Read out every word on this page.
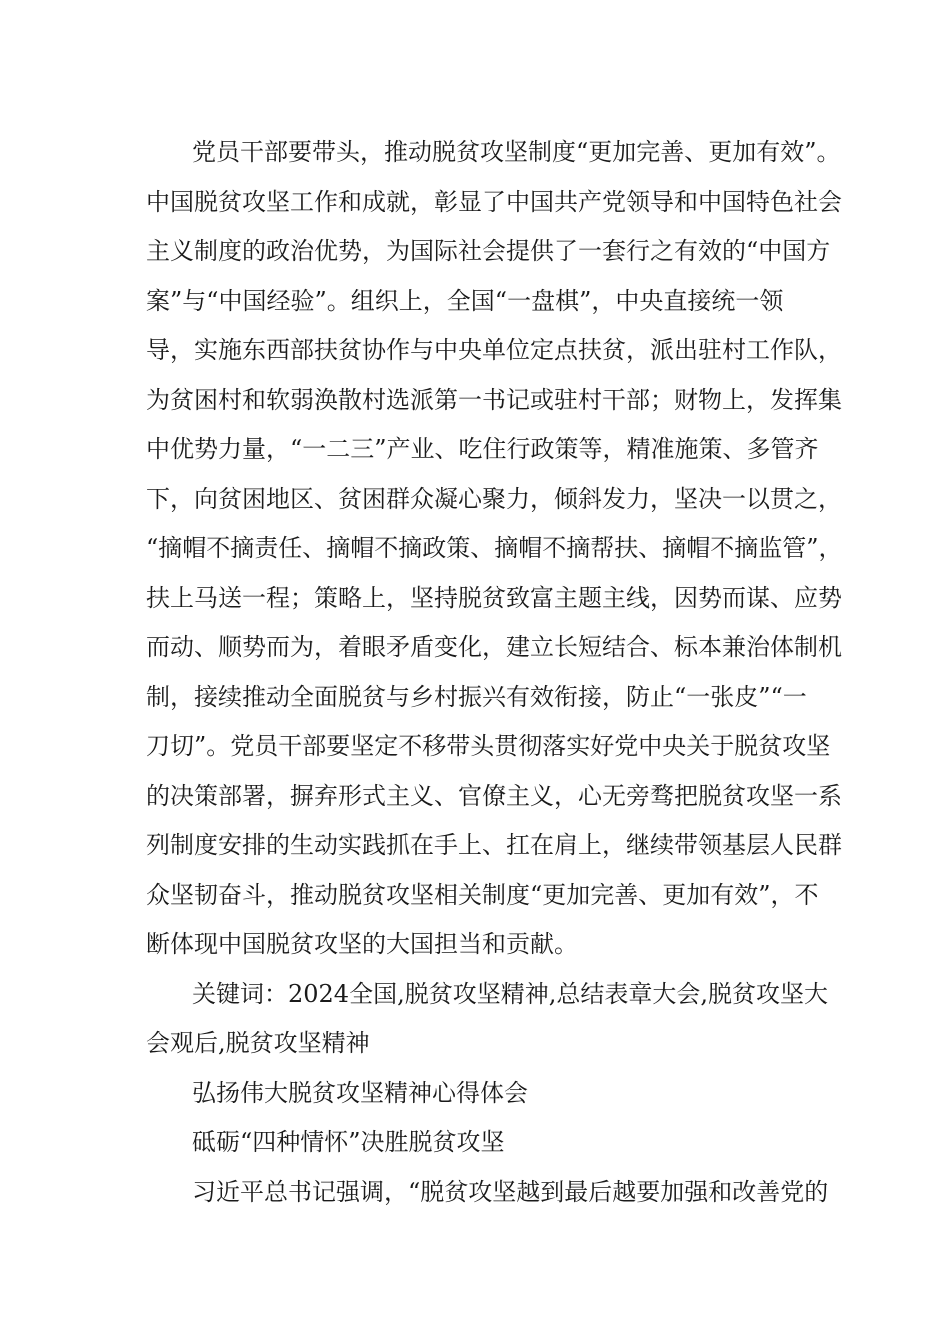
党员干部要带头，推动脱贫攻坚制度“更加完善、更加有效”。
中国脱贫攻坚工作和成就，彰显了中国共产党领导和中国特色社会
主义制度的政治优势，为国际社会提供了一套行之有效的“中国方
案”与“中国经验”。组织上，全国“一盘棋”，中央直接统一领
导，实施东西部扶贫协作与中央单位定点扶贫，派出驻村工作队，
为贫困村和软弱涣散村选派第一书记或驻村干部；财物上，发挥集
中优势力量，“一二三”产业、吃住行政策等，精准施策、多管齐
下，向贫困地区、贫困群众凝心聚力，倾斜发力，坚决一以贯之，
“摘帽不摘责任、摘帽不摘政策、摘帽不摘帮扶、摘帽不摘监管”，
扶上马送一程；策略上，坚持脱贫致富主题主线，因势而谋、应势
而动、顺势而为，着眼矛盾变化，建立长短结合、标本兼治体制机
制，接续推动全面脱贫与乡村振兴有效衔接，防止“一张皮”“一
刀切”。党员干部要坚定不移带头贯彻落实好党中央关于脱贫攻坚
的决策部署，摒弃形式主义、官僚主义，心无旁骛把脱贫攻坚一系
列制度安排的生动实践抓在手上、扛在肩上，继续带领基层人民群
众坚韧奋斗，推动脱贫攻坚相关制度“更加完善、更加有效”，不
断体现中国脱贫攻坚的大国担当和贡献。
关键词：2024全国,脱贫攻坚精神,总结表章大会,脱贫攻坚大
会观后,脱贫攻坚精神
弘扬伟大脱贫攻坚精神心得体会
砥砺“四种情怀”决胜脱贫攻坚
习近平总书记强调，“脱贫攻坚越到最后越要加强和改善党的
